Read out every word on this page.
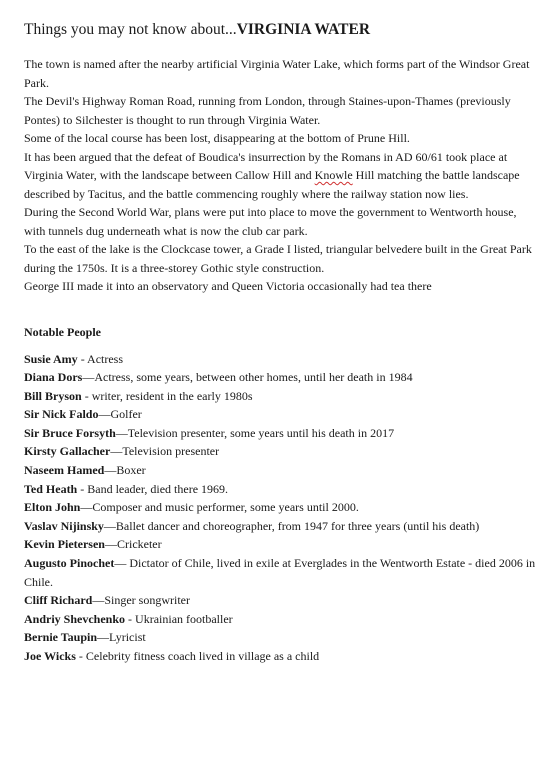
Things you may not know about...VIRGINIA WATER

The town is named after the nearby artificial Virginia Water Lake, which forms part of the Windsor Great Park.

The Devil's Highway Roman Road, running from London, through Staines-upon-Thames (previously Pontes) to Silchester is thought to run through Virginia Water.

Some of the local course has been lost, disappearing at the bottom of Prune Hill.

It has been argued that the defeat of Boudica's insurrection by the Romans in AD 60/61 took place at Virginia Water, with the landscape between Callow Hill and Knowle Hill matching the battle landscape described by Tacitus, and the battle commencing roughly where the railway station now lies.

During the Second World War, plans were put into place to move the government to Wentworth house, with tunnels dug underneath what is now the club car park.

To the east of the lake is the Clockcase tower, a Grade I listed, triangular belvedere built in the Great Park during the 1750s. It is a three-storey Gothic style construction.

George III made it into an observatory and Queen Victoria occasionally had tea there

Notable People

Susie Amy - Actress

Diana Dors—Actress, some years, between other homes, until her death in 1984

Bill Bryson - writer, resident in the early 1980s

Sir Nick Faldo—Golfer

Sir Bruce Forsyth—Television presenter, some years until his death in 2017

Kirsty Gallacher—Television presenter

Naseem Hamed—Boxer

Ted Heath - Band leader, died there 1969.

Elton John—Composer and music performer, some years until 2000.

Vaslav Nijinsky—Ballet dancer and choreographer, from 1947 for three years (until his death)

Kevin Pietersen—Cricketer

Augusto Pinochet— Dictator of Chile, lived in exile at Everglades in the Wentworth Estate - died 2006 in Chile.

Cliff Richard—Singer songwriter

Andriy Shevchenko - Ukrainian footballer

Bernie Taupin—Lyricist

Joe Wicks - Celebrity fitness coach lived in village as a child
